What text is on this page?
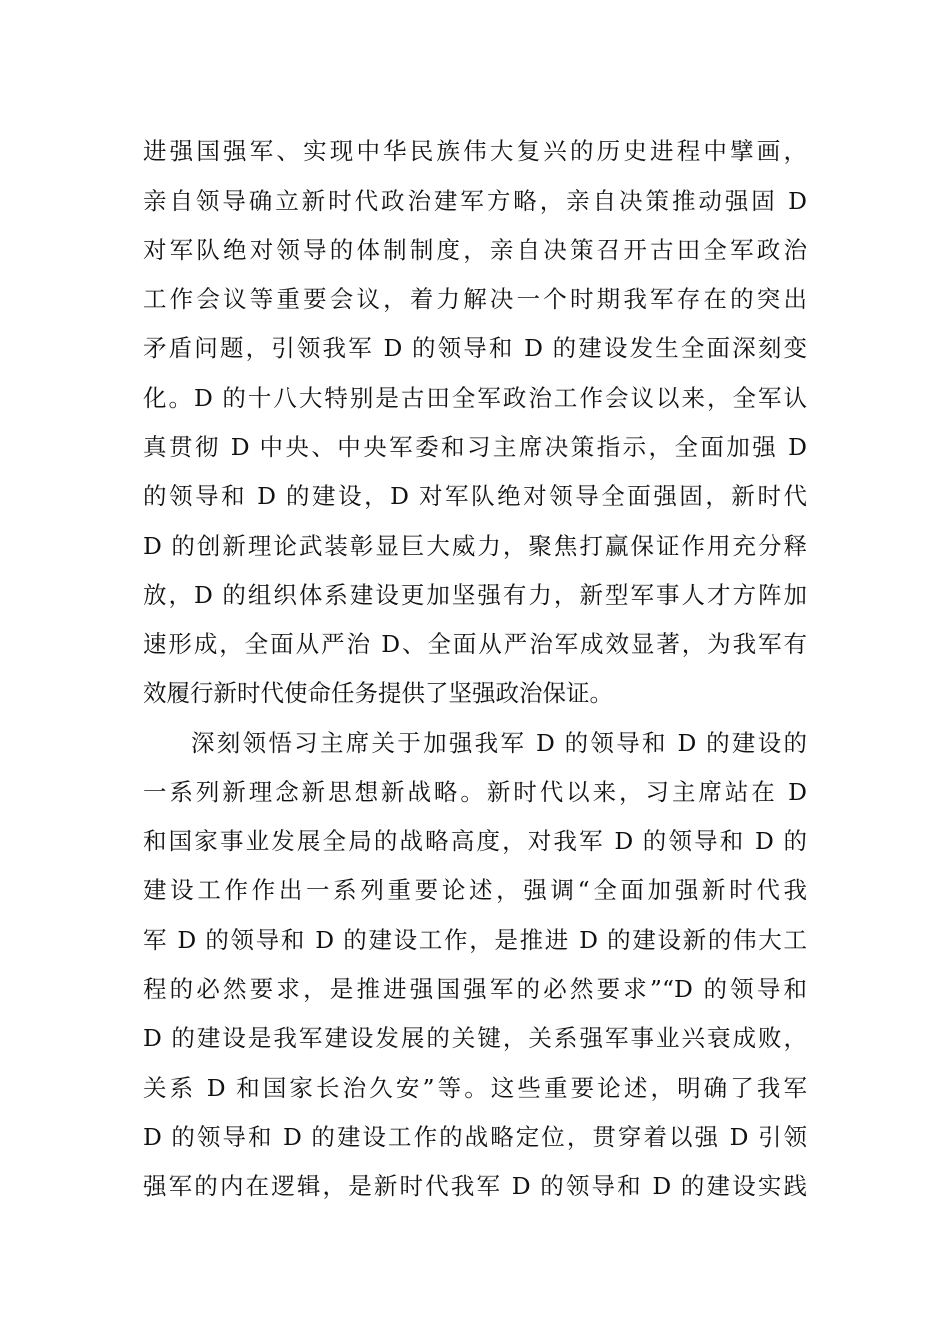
进强国强军、实现中华民族伟大复兴的历史进程中擘画，
亲自领导确立新时代政治建军方略，亲自决策推动强固 D
对军队绝对领导的体制制度，亲自决策召开古田全军政治
工作会议等重要会议，着力解决一个时期我军存在的突出
矛盾问题，引领我军 D 的领导和 D 的建设发生全面深刻变
化。D 的十八大特别是古田全军政治工作会议以来，全军认
真贯彻 D 中央、中央军委和习主席决策指示，全面加强 D
的领导和 D 的建设，D 对军队绝对领导全面强固，新时代
D 的创新理论武装彰显巨大威力，聚焦打赢保证作用充分释
放，D 的组织体系建设更加坚强有力，新型军事人才方阵加
速形成，全面从严治 D、全面从严治军成效显著，为我军有
效履行新时代使命任务提供了坚强政治保证。
深刻领悟习主席关于加强我军 D 的领导和 D 的建设的
一系列新理念新思想新战略。新时代以来，习主席站在 D
和国家事业发展全局的战略高度，对我军 D 的领导和 D 的
建设工作作出一系列重要论述，强调“全面加强新时代我
军 D 的领导和 D 的建设工作，是推进 D 的建设新的伟大工
程的必然要求，是推进强国强军的必然要求”“D 的领导和
D 的建设是我军建设发展的关键，关系强军事业兴衰成败，
关系 D 和国家长治久安”等。这些重要论述，明确了我军
D 的领导和 D 的建设工作的战略定位，贯穿着以强 D 引领
强军的内在逻辑，是新时代我军 D 的领导和 D 的建设实践
